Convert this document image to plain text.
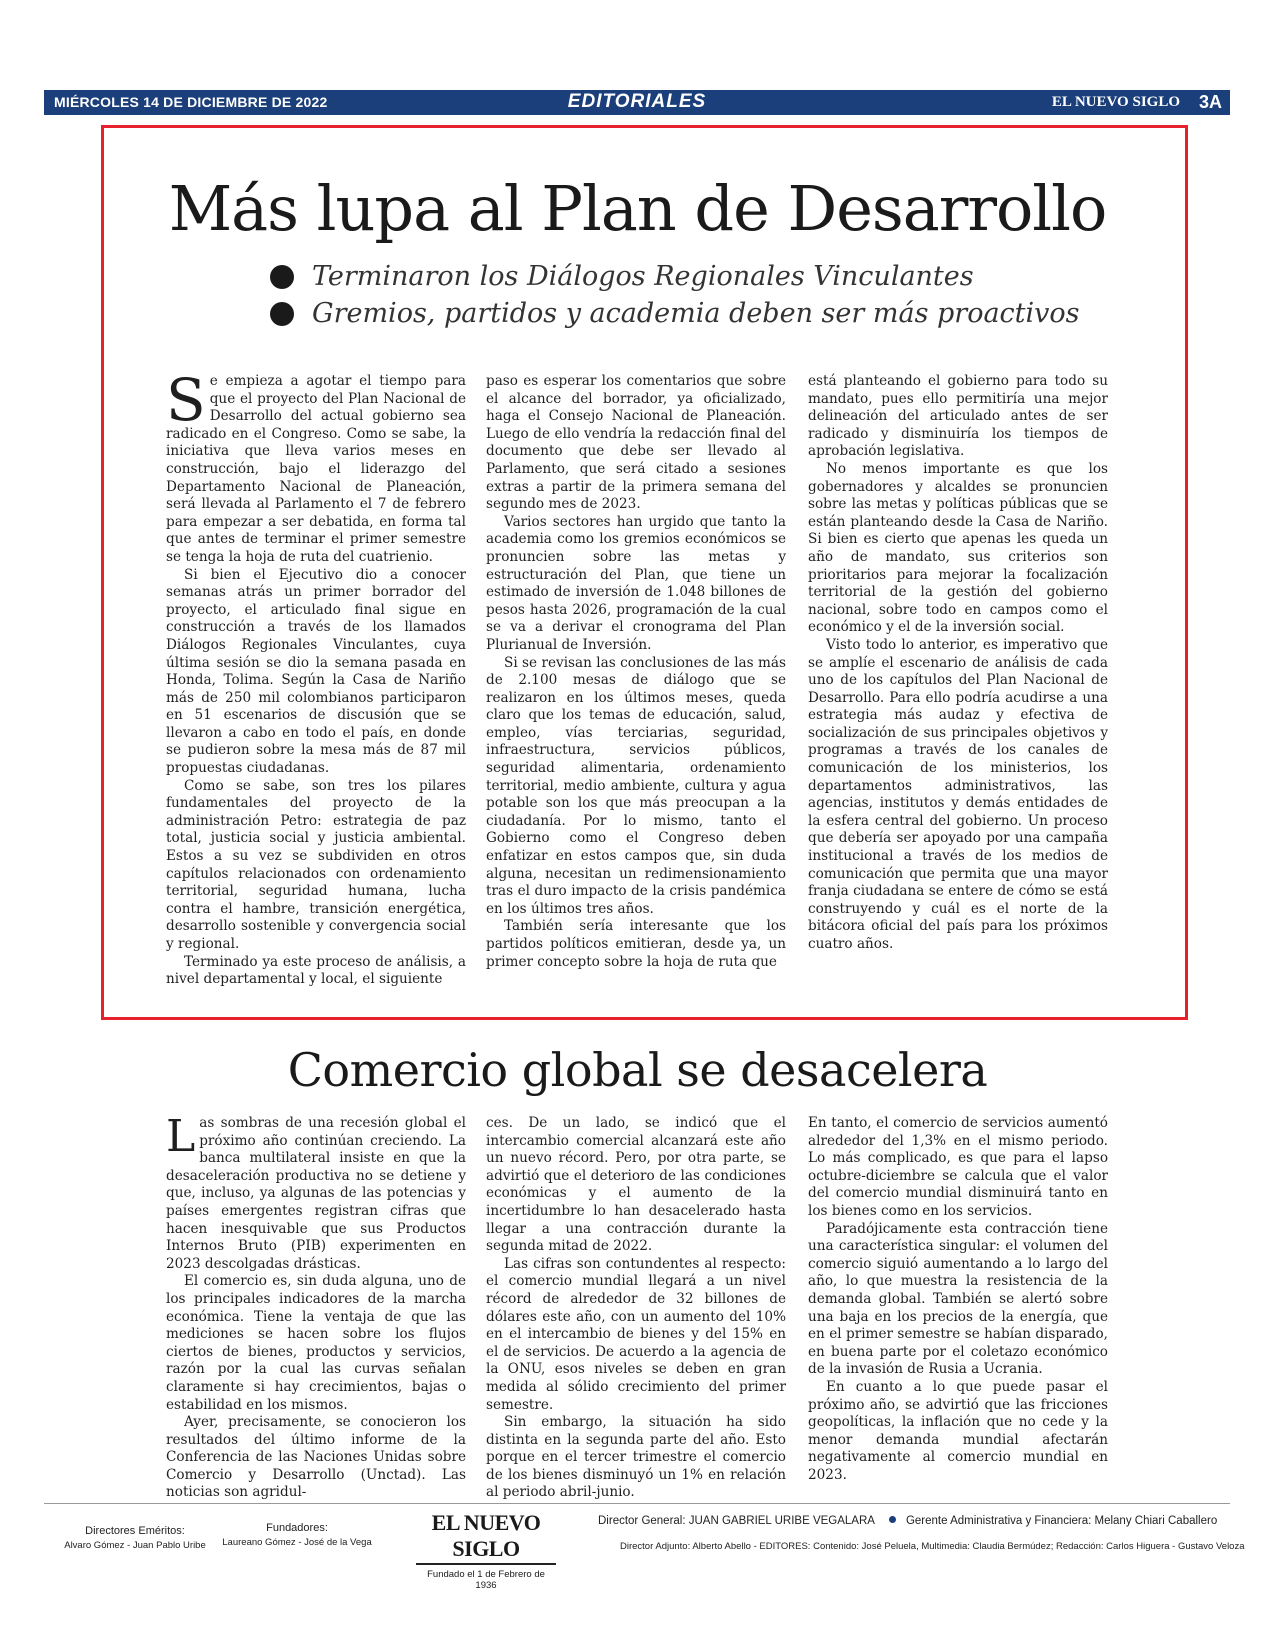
MIÉRCOLES 14 DE DICIEMBRE DE 2022	EDITORIALES	EL NUEVO SIGLO 3A
Más lupa al Plan de Desarrollo
Terminaron los Diálogos Regionales Vinculantes
Gremios, partidos y academia deben ser más proactivos

Se empieza a agotar el tiempo para que el proyecto del Plan Nacional de Desarrollo del actual gobierno sea radicado en el Congreso. Como se sabe, la iniciativa que lleva varios meses en construcción, bajo el liderazgo del Departamento Nacional de Planeación, será llevada al Parlamento el 7 de febrero para empezar a ser debatida, en forma tal que antes de terminar el primer semestre se tenga la hoja de ruta del cuatrienio.

Si bien el Ejecutivo dio a conocer semanas atrás un primer borrador del proyecto, el articulado final sigue en construcción a través de los llamados Diálogos Regionales Vinculantes, cuya última sesión se dio la semana pasada en Honda, Tolima. Según la Casa de Nariño más de 250 mil colombianos participaron en 51 escenarios de discusión que se llevaron a cabo en todo el país, en donde se pudieron sobre la mesa más de 87 mil propuestas ciudadanas.

Como se sabe, son tres los pilares fundamentales del proyecto de la administración Petro: estrategia de paz total, justicia social y justicia ambiental. Estos a su vez se subdividen en otros capítulos relacionados con ordenamiento territorial, seguridad humana, lucha contra el hambre, transición energética, desarrollo sostenible y convergencia social y regional.

Terminado ya este proceso de análisis, a nivel departamental y local, el siguiente

paso es esperar los comentarios que sobre el alcance del borrador, ya oficializado, haga el Consejo Nacional de Planeación. Luego de ello vendría la redacción final del documento que debe ser llevado al Parlamento, que será citado a sesiones extras a partir de la primera semana del segundo mes de 2023.

Varios sectores han urgido que tanto la academia como los gremios económicos se pronuncien sobre las metas y estructuración del Plan, que tiene un estimado de inversión de 1.048 billones de pesos hasta 2026, programación de la cual se va a derivar el cronograma del Plan Plurianual de Inversión.

Si se revisan las conclusiones de las más de 2.100 mesas de diálogo que se realizaron en los últimos meses, queda claro que los temas de educación, salud, empleo, vías terciarias, seguridad, infraestructura, servicios públicos, seguridad alimentaria, ordenamiento territorial, medio ambiente, cultura y agua potable son los que más preocupan a la ciudadanía. Por lo mismo, tanto el Gobierno como el Congreso deben enfatizar en estos campos que, sin duda alguna, necesitan un redimensionamiento tras el duro impacto de la crisis pandémica en los últimos tres años.

También sería interesante que los partidos políticos emitieran, desde ya, un primer concepto sobre la hoja de ruta que

está planteando el gobierno para todo su mandato, pues ello permitiría una mejor delineación del articulado antes de ser radicado y disminuiría los tiempos de aprobación legislativa.

No menos importante es que los gobernadores y alcaldes se pronuncien sobre las metas y políticas públicas que se están planteando desde la Casa de Nariño. Si bien es cierto que apenas les queda un año de mandato, sus criterios son prioritarios para mejorar la focalización territorial de la gestión del gobierno nacional, sobre todo en campos como el económico y el de la inversión social.

Visto todo lo anterior, es imperativo que se amplíe el escenario de análisis de cada uno de los capítulos del Plan Nacional de Desarrollo. Para ello podría acudirse a una estrategia más audaz y efectiva de socialización de sus principales objetivos y programas a través de los canales de comunicación de los ministerios, los departamentos administrativos, las agencias, institutos y demás entidades de la esfera central del gobierno. Un proceso que debería ser apoyado por una campaña institucional a través de los medios de comunicación que permita que una mayor franja ciudadana se entere de cómo se está construyendo y cuál es el norte de la bitácora oficial del país para los próximos cuatro años.

Comercio global se desacelera

Las sombras de una recesión global el próximo año continúan creciendo. La banca multilateral insiste en que la desaceleración productiva no se detiene y que, incluso, ya algunas de las potencias y países emergentes registran cifras que hacen inesquivable que sus Productos Internos Bruto (PIB) experimenten en 2023 descolgadas drásticas.

El comercio es, sin duda alguna, uno de los principales indicadores de la marcha económica. Tiene la ventaja de que las mediciones se hacen sobre los flujos ciertos de bienes, productos y servicios, razón por la cual las curvas señalan claramente si hay crecimientos, bajas o estabilidad en los mismos.

Ayer, precisamente, se conocieron los resultados del último informe de la Conferencia de las Naciones Unidas sobre Comercio y Desarrollo (Unctad). Las noticias son agridul-

ces. De un lado, se indicó que el intercambio comercial alcanzará este año un nuevo récord. Pero, por otra parte, se advirtió que el deterioro de las condiciones económicas y el aumento de la incertidumbre lo han desacelerado hasta llegar a una contracción durante la segunda mitad de 2022.

Las cifras son contundentes al respecto: el comercio mundial llegará a un nivel récord de alrededor de 32 billones de dólares este año, con un aumento del 10% en el intercambio de bienes y del 15% en el de servicios. De acuerdo a la agencia de la ONU, esos niveles se deben en gran medida al sólido crecimiento del primer semestre.

Sin embargo, la situación ha sido distinta en la segunda parte del año. Esto porque en el tercer trimestre el comercio de los bienes disminuyó un 1% en relación al periodo abril-junio.

En tanto, el comercio de servicios aumentó alrededor del 1,3% en el mismo periodo. Lo más complicado, es que para el lapso octubre-diciembre se calcula que el valor del comercio mundial disminuirá tanto en los bienes como en los servicios.

Paradójicamente esta contracción tiene una característica singular: el volumen del comercio siguió aumentando a lo largo del año, lo que muestra la resistencia de la demanda global. También se alertó sobre una baja en los precios de la energía, que en el primer semestre se habían disparado, en buena parte por el coletazo económico de la invasión de Rusia a Ucrania.

En cuanto a lo que puede pasar el próximo año, se advirtió que las fricciones geopolíticas, la inflación que no cede y la menor demanda mundial afectarán negativamente al comercio mundial en 2023.

Directores Eméritos:
Alvaro Gómez - Juan Pablo Uribe
Fundadores:
Laureano Gómez - José de la Vega
EL NUEVO SIGLO
Fundado el 1 de Febrero de 1936
Director General: JUAN GABRIEL URIBE VEGALARA	Gerente Administrativa y Financiera: Melany Chiari Caballero
Director Adjunto: Alberto Abello - EDITORES: Contenido: José Peluela, Multimedia: Claudia Bermúdez; Redacción: Carlos Higuera - Gustavo Veloza
